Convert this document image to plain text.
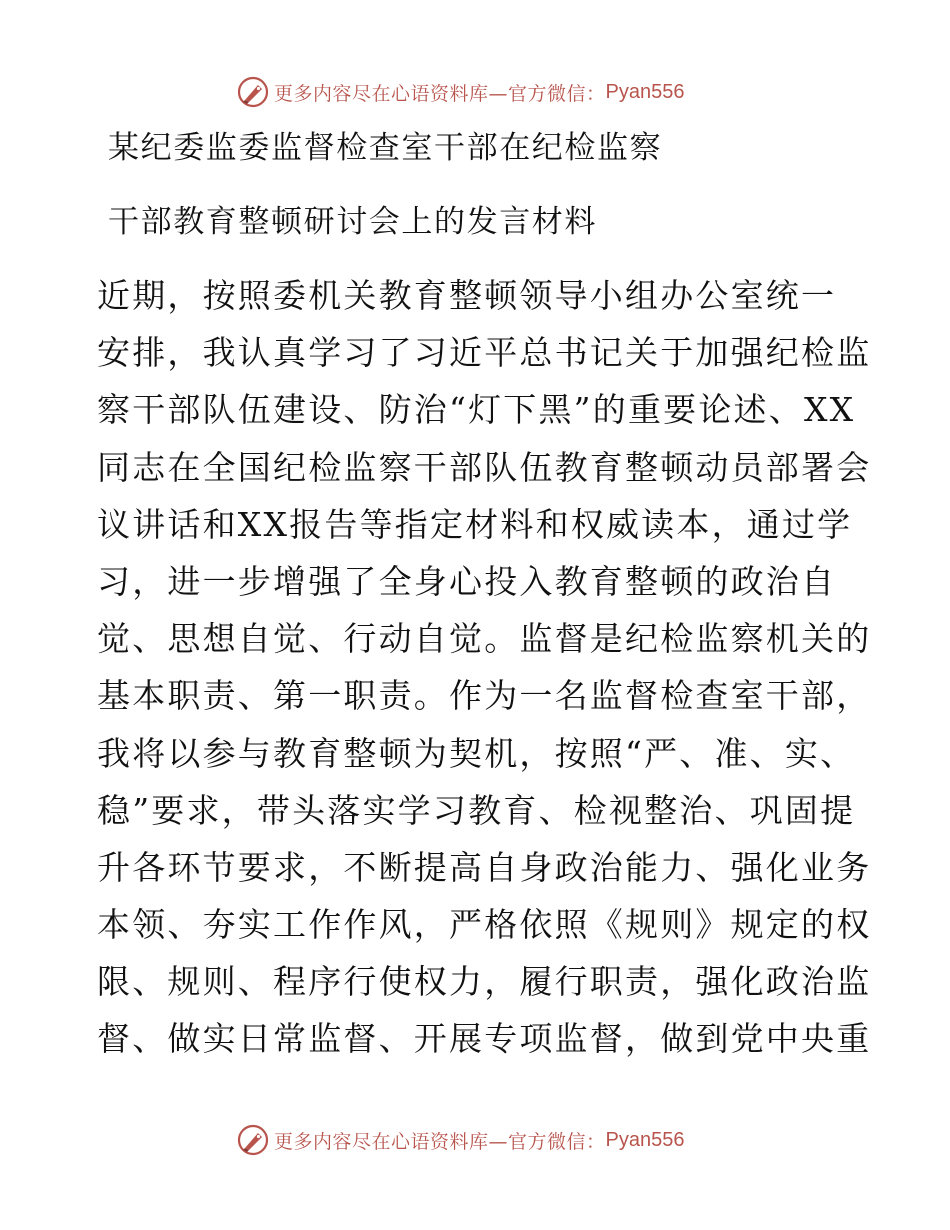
更多内容尽在心语资料库—官方微信： Pyan556
某纪委监委监督检查室干部在纪检监察
干部教育整顿研讨会上的发言材料
近期，按照委机关教育整顿领导小组办公室统一
安排，我认真学习了习近平总书记关于加强纪检监
察干部队伍建设、防治“灯下黑”的重要论述、XX
同志在全国纪检监察干部队伍教育整顿动员部署会
议讲话和XX报告等指定材料和权威读本，通过学
习，进一步增强了全身心投入教育整顿的政治自
觉、思想自觉、行动自觉。监督是纪检监察机关的
基本职责、第一职责。作为一名监督检查室干部，
我将以参与教育整顿为契机，按照“严、准、实、
稳”要求，带头落实学习教育、检视整治、巩固提
升各环节要求，不断提高自身政治能力、强化业务
本领、夯实工作作风，严格依照《规则》规定的权
限、规则、程序行使权力，履行职责，强化政治监
督、做实日常监督、开展专项监督，做到党中央重
更多内容尽在心语资料库—官方微信： Pyan556
